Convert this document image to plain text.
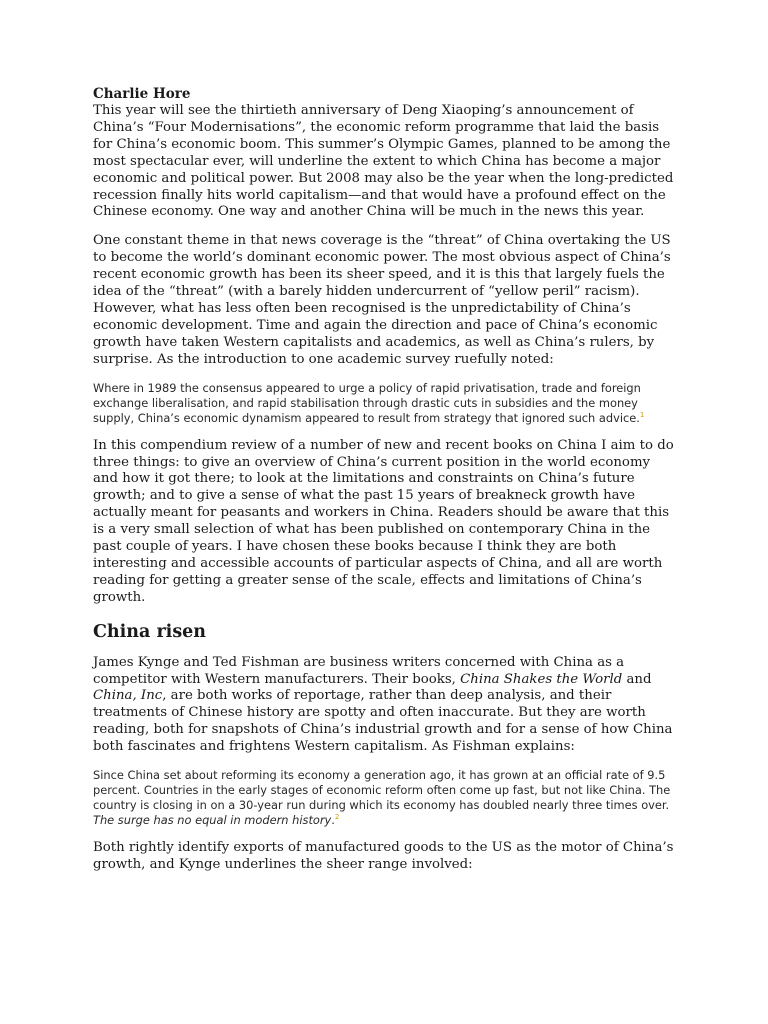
Charlie Hore

This year will see the thirtieth anniversary of Deng Xiaoping’s announcement of China’s “Four Modernisations”, the economic reform programme that laid the basis for China’s economic boom. This summer’s Olympic Games, planned to be among the most spectacular ever, will underline the extent to which China has become a major economic and political power. But 2008 may also be the year when the long-predicted recession finally hits world capitalism—and that would have a profound effect on the Chinese economy. One way and another China will be much in the news this year.

One constant theme in that news coverage is the “threat” of China overtaking the US to become the world’s dominant economic power. The most obvious aspect of China’s recent economic growth has been its sheer speed, and it is this that largely fuels the idea of the “threat” (with a barely hidden undercurrent of “yellow peril” racism). However, what has less often been recognised is the unpredictability of China’s economic development. Time and again the direction and pace of China’s economic growth have taken Western capitalists and academics, as well as China’s rulers, by surprise. As the introduction to one academic survey ruefully noted:

Where in 1989 the consensus appeared to urge a policy of rapid privatisation, trade and foreign exchange liberalisation, and rapid stabilisation through drastic cuts in subsidies and the money supply, China’s economic dynamism appeared to result from strategy that ignored such advice.$^1$

In this compendium review of a number of new and recent books on China I aim to do three things: to give an overview of China’s current position in the world economy and how it got there; to look at the limitations and constraints on China’s future growth; and to give a sense of what the past 15 years of breakneck growth have actually meant for peasants and workers in China. Readers should be aware that this is a very small selection of what has been published on contemporary China in the past couple of years. I have chosen these books because I think they are both interesting and accessible accounts of particular aspects of China, and all are worth reading for getting a greater sense of the scale, effects and limitations of China’s growth.

China risen

James Kynge and Ted Fishman are business writers concerned with China as a competitor with Western manufacturers. Their books, China Shakes the World and China, Inc, are both works of reportage, rather than deep analysis, and their treatments of Chinese history are spotty and often inaccurate. But they are worth reading, both for snapshots of China’s industrial growth and for a sense of how China both fascinates and frightens Western capitalism. As Fishman explains:

Since China set about reforming its economy a generation ago, it has grown at an official rate of 9.5 percent. Countries in the early stages of economic reform often come up fast, but not like China. The country is closing in on a 30-year run during which its economy has doubled nearly three times over. The surge has no equal in modern history.$^2$

Both rightly identify exports of manufactured goods to the US as the motor of China’s growth, and Kynge underlines the sheer range involved:
